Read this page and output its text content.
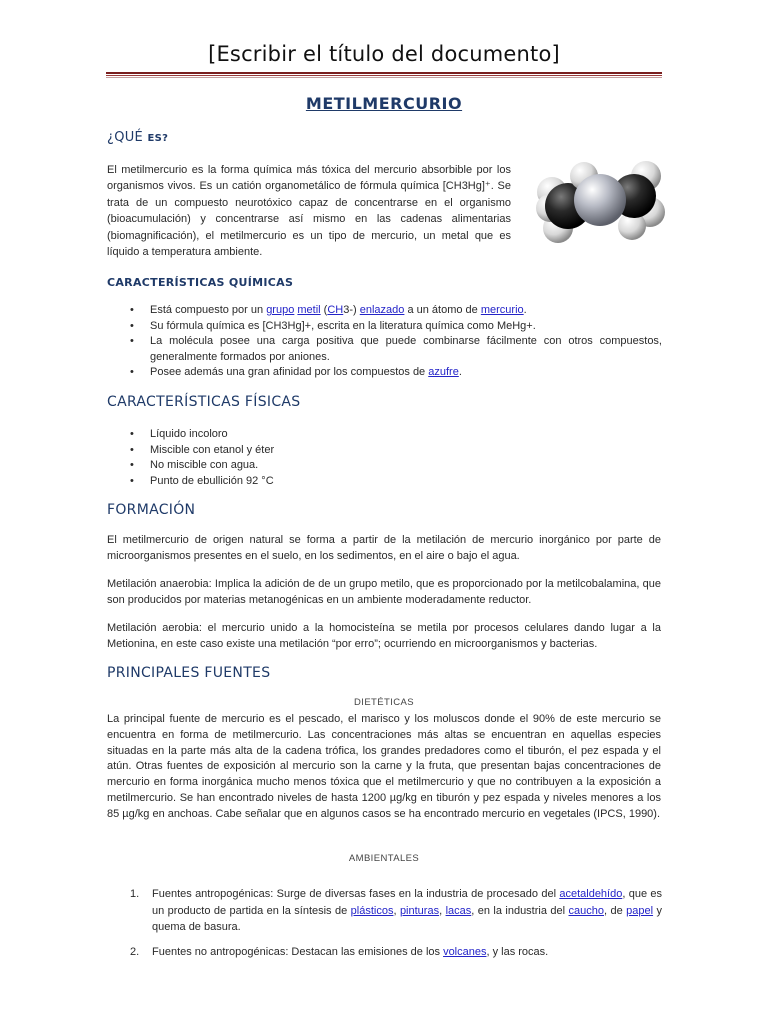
[Escribir el título del documento]
METILMERCURIO
¿QUÉ ES?
El metilmercurio es la forma química más tóxica del mercurio absorbible por los organismos vivos. Es un catión organometálico de fórmula química [CH3Hg]⁺. Se trata de un compuesto neurotóxico capaz de concentrarse en el organismo (bioacumulación) y concentrarse así mismo en las cadenas alimentarias (biomagnificación), el metilmercurio es un tipo de mercurio, un metal que es líquido a temperatura ambiente.
CARACTERÍSTICAS QUÍMICAS
• Está compuesto por un grupo metil (CH3-) enlazado a un átomo de mercurio.
• Su fórmula química es [CH3Hg]+, escrita en la literatura química como MeHg+.
• La molécula posee una carga positiva que puede combinarse fácilmente con otros compuestos, generalmente formados por aniones.
• Posee además una gran afinidad por los compuestos de azufre.
CARACTERÍSTICAS FÍSICAS
• Líquido incoloro
• Miscible con etanol y éter
• No miscible con agua.
• Punto de ebullición 92 °C
FORMACIÓN
El metilmercurio de origen natural se forma a partir de la metilación de mercurio inorgánico por parte de microorganismos presentes en el suelo, en los sedimentos, en el aire o bajo el agua.
Metilación anaerobia: Implica la adición de de un grupo metilo, que es proporcionado por la metilcobalamina, que son producidos por materias metanogénicas en un ambiente moderadamente reductor.
Metilación aerobia: el mercurio unido a la homocisteína se metila por procesos celulares dando lugar a la Metionina, en este caso existe una metilación “por erro”; ocurriendo en microorganismos y bacterias.
PRINCIPALES FUENTES
DIETÉTICAS
La principal fuente de mercurio es el pescado, el marisco y los moluscos donde el 90% de este mercurio se encuentra en forma de metilmercurio. Las concentraciones más altas se encuentran en aquellas especies situadas en la parte más alta de la cadena trófica, los grandes predadores como el tiburón, el pez espada y el atún. Otras fuentes de exposición al mercurio son la carne y la fruta, que presentan bajas concentraciones de mercurio en forma inorgánica mucho menos tóxica que el metilmercurio y que no contribuyen a la exposición a metilmercurio. Se han encontrado niveles de hasta 1200 µg/kg en tiburón y pez espada y niveles menores a los 85 µg/kg en anchoas. Cabe señalar que en algunos casos se ha encontrado mercurio en vegetales (IPCS, 1990).
AMBIENTALES
1. Fuentes antropogénicas: Surge de diversas fases en la industria de procesado del acetaldehído, que es un producto de partida en la síntesis de plásticos, pinturas, lacas, en la industria del caucho, de papel y quema de basura.
2. Fuentes no antropogénicas: Destacan las emisiones de los volcanes, y las rocas.
